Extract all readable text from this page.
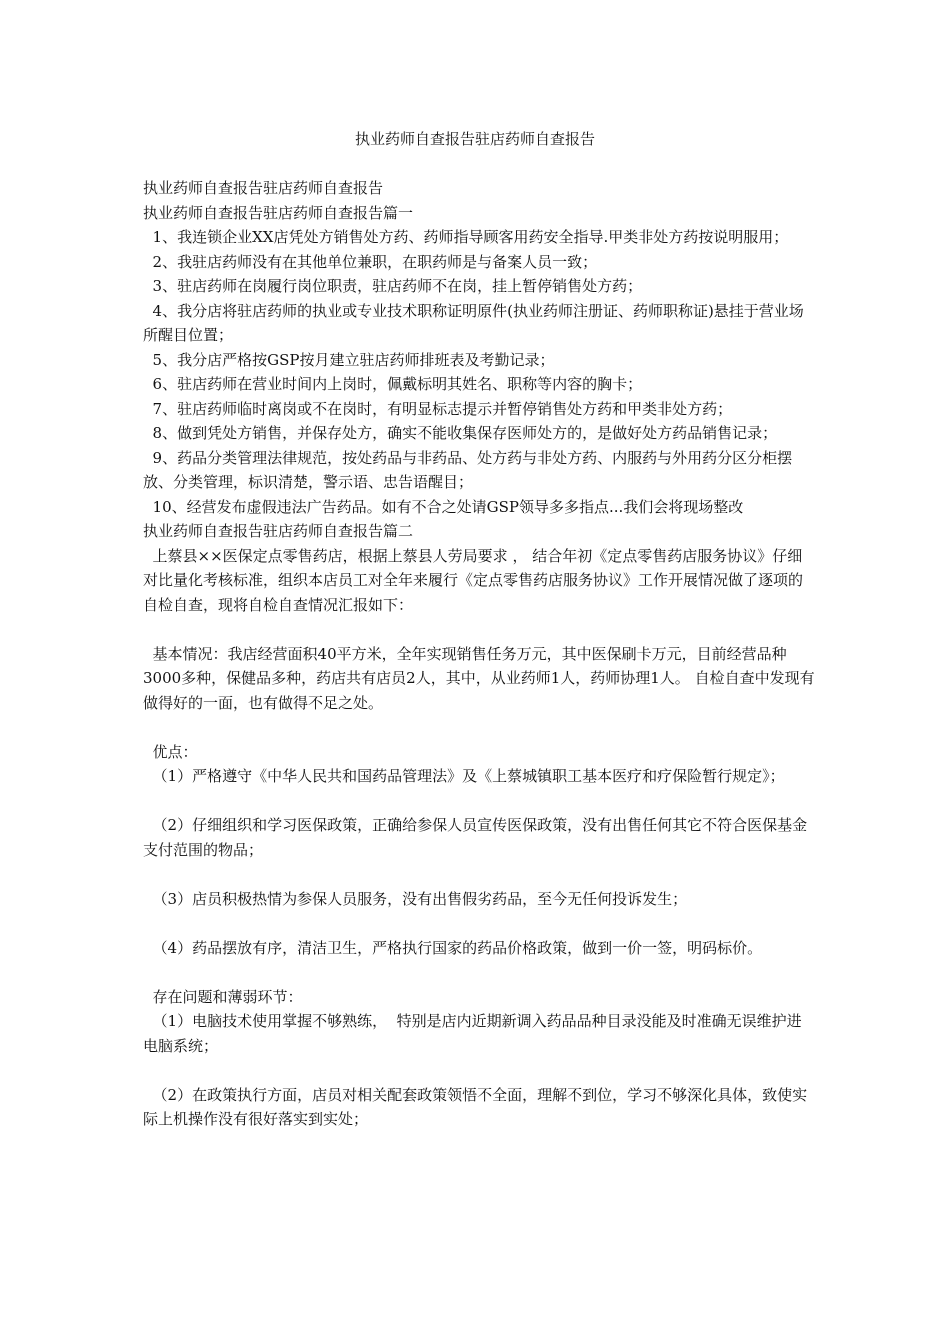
执业药师自查报告驻店药师自查报告
执业药师自查报告驻店药师自查报告
执业药师自查报告驻店药师自查报告篇一
1、我连锁企业XX店凭处方销售处方药、药师指导顾客用药安全指导.甲类非处方药按说明服用；
2、我驻店药师没有在其他单位兼职，在职药师是与备案人员一致；
3、驻店药师在岗履行岗位职责，驻店药师不在岗，挂上暂停销售处方药；
4、我分店将驻店药师的执业或专业技术职称证明原件(执业药师注册证、药师职称证)悬挂于营业场所醒目位置；
5、我分店严格按GSP按月建立驻店药师排班表及考勤记录；
6、驻店药师在营业时间内上岗时，佩戴标明其姓名、职称等内容的胸卡；
7、驻店药师临时离岗或不在岗时，有明显标志提示并暂停销售处方药和甲类非处方药；
8、做到凭处方销售，并保存处方，确实不能收集保存医师处方的，是做好处方药品销售记录；
9、药品分类管理法律规范，按处药品与非药品、处方药与非处方药、内服药与外用药分区分柜摆放、分类管理，标识清楚，警示语、忠告语醒目；
10、经营发布虚假违法广告药品。如有不合之处请GSP领导多多指点...我们会将现场整改
执业药师自查报告驻店药师自查报告篇二
上蔡县××医保定点零售药店，根据上蔡县人劳局要求 ， 结合年初《定点零售药店服务协议》仔细对比量化考核标准，组织本店员工对全年来履行《定点零售药店服务协议》工作开展情况做了逐项的自检自查，现将自检自查情况汇报如下：
基本情况：我店经营面积40平方米，全年实现销售任务万元，其中医保刷卡万元，目前经营品种3000多种，保健品多种，药店共有店员2人，其中，从业药师1人，药师协理1人。 自检自查中发现有做得好的一面，也有做得不足之处。
优点：
（1）严格遵守《中华人民共和国药品管理法》及《上蔡城镇职工基本医疗和疗保险暂行规定》；
（2）仔细组织和学习医保政策，正确给参保人员宣传医保政策，没有出售任何其它不符合医保基金支付范围的物品；
（3）店员积极热情为参保人员服务，没有出售假劣药品，至今无任何投诉发生；
（4）药品摆放有序，清洁卫生，严格执行国家的药品价格政策，做到一价一签，明码标价。
存在问题和薄弱环节：
（1）电脑技术使用掌握不够熟练，  特别是店内近期新调入药品品种目录没能及时准确无误维护进电脑系统；
（2）在政策执行方面，店员对相关配套政策领悟不全面，理解不到位，学习不够深化具体，致使实际上机操作没有很好落实到实处；
